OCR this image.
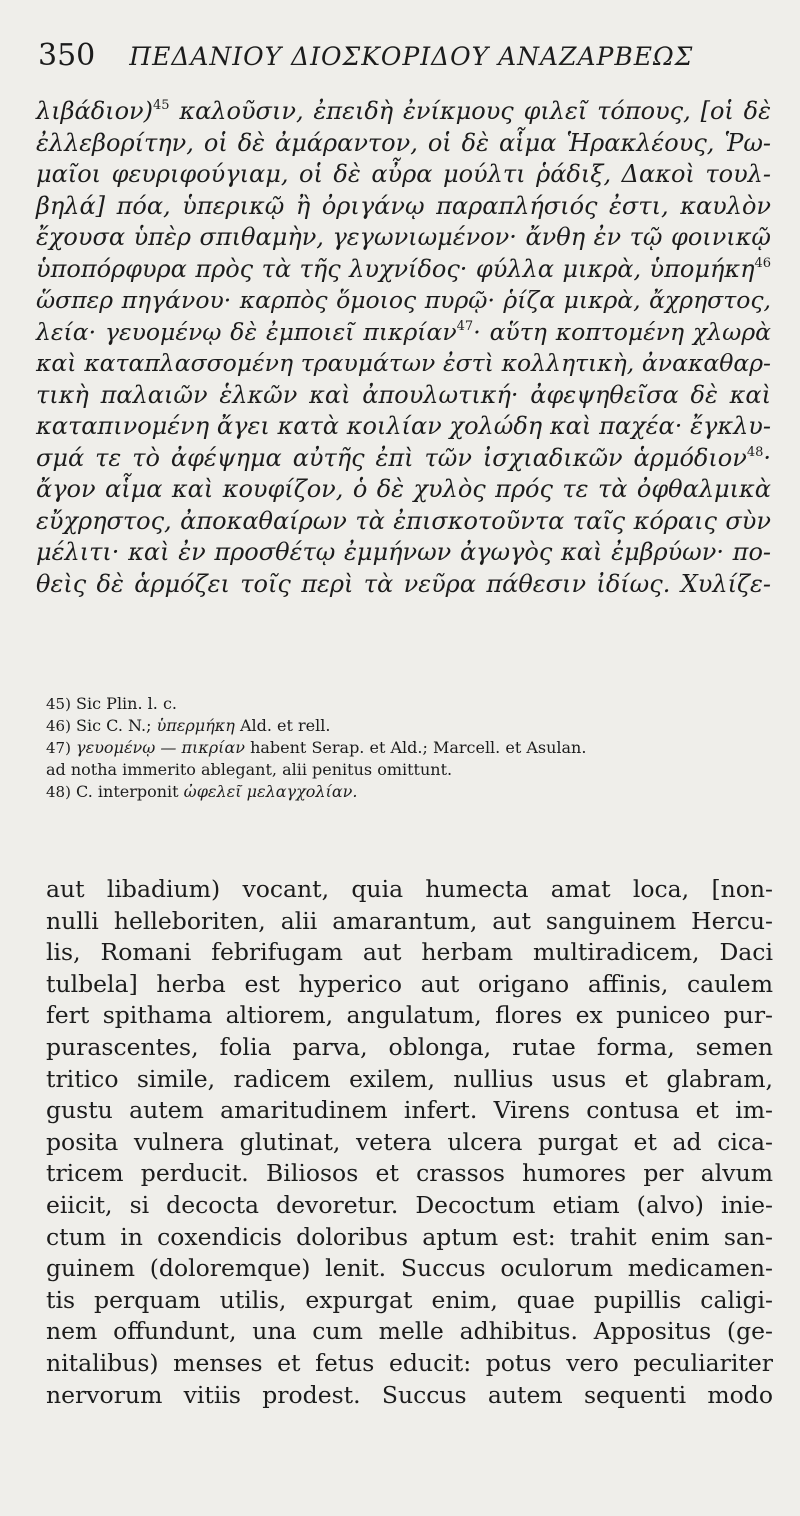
350 ΠΕΔΑΝΙΟΥ ΔΙΟΣΚΟΡΙΔΟΥ ΑΝΑΖΑΡΒΕΩΣ
λιβάδιον)$^{45}$ καλοῦσιν, ἐπειδὴ ἐνίκμους φιλεῖ τόπους, [οἱ δὲ
ἐλλεβορίτην, οἱ δὲ ἀμάραντον, οἱ δὲ αἷμα Ἡρακλέους, Ῥω-
μαῖοι φευριφούγιαμ, οἱ δὲ αὖρα μούλτι ῥάδιξ, Δακοὶ τουλ-
βηλά] πόα, ὑπερικῷ ἢ ὀριγάνῳ παραπλήσιός ἐστι, καυλὸν
ἔχουσα ὑπὲρ σπιθαμὴν, γεγωνιωμένον· ἄνθη ἐν τῷ φοινικῷ
ὑποπόρφυρα πρὸς τὰ τῆς λυχνίδος· φύλλα μικρὰ, ὑπομήκη$^{46}$
ὥσπερ πηγάνου· καρπὸς ὅμοιος πυρῷ· ῥίζα μικρὰ, ἄχρηστος,
λεία· γευομένῳ δὲ ἐμποιεῖ πικρίαν$^{47}$· αὕτη κοπτομένη χλωρὰ
καὶ καταπλασσομένη τραυμάτων ἐστὶ κολλητικὴ, ἀνακαθαρ-
τικὴ παλαιῶν ἑλκῶν καὶ ἀπουλωτική· ἀφεψηθεῖσα δὲ καὶ
καταπινομένη ἄγει κατὰ κοιλίαν χολώδη καὶ παχέα· ἔγκλυ-
σμά τε τὸ ἀφέψημα αὐτῆς ἐπὶ τῶν ἰσχιαδικῶν ἁρμόδιον$^{48}$·
ἄγον αἷμα καὶ κουφίζον, ὁ δὲ χυλὸς πρός τε τὰ ὀφθαλμικὰ
εὔχρηστος, ἀποκαθαίρων τὰ ἐπισκοτοῦντα ταῖς κόραις σὺν
μέλιτι· καὶ ἐν προσθέτῳ ἐμμήνων ἀγωγὸς καὶ ἐμβρύων· πο-
θεὶς δὲ ἁρμόζει τοῖς περὶ τὰ νεῦρα πάθεσιν ἰδίως. Χυλίζε-
45) Sic Plin. l. c.
46) Sic C. N.; ὑπερμήκη Ald. et rell.
47) γευομένῳ — πικρίαν habent Serap. et Ald.; Marcell. et Asulan.
ad notha immerito ablegant, alii penitus omittunt.
48) C. interponit ὠφελεῖ μελαγχολίαν.
aut libadium) vocant, quia humecta amat loca, [non-
nulli helleboriten, alii amarantum, aut sanguinem Hercu-
lis, Romani febrifugam aut herbam multiradicem, Daci
tulbela] herba est hyperico aut origano affinis, caulem
fert spithama altiorem, angulatum, flores ex puniceo pur-
purascentes, folia parva, oblonga, rutae forma, semen
tritico simile, radicem exilem, nullius usus et glabram,
gustu autem amaritudinem infert. Virens contusa et im-
posita vulnera glutinat, vetera ulcera purgat et ad cica-
tricem perducit. Biliosos et crassos humores per alvum
eiicit, si decocta devoretur. Decoctum etiam (alvo) inie-
ctum in coxendicis doloribus aptum est: trahit enim san-
guinem (doloremque) lenit. Succus oculorum medicamen-
tis perquam utilis, expurgat enim, quae pupillis caligi-
nem offundunt, una cum melle adhibitus. Appositus (ge-
nitalibus) menses et fetus educit: potus vero peculiariter
nervorum vitiis prodest. Succus autem sequenti modo
